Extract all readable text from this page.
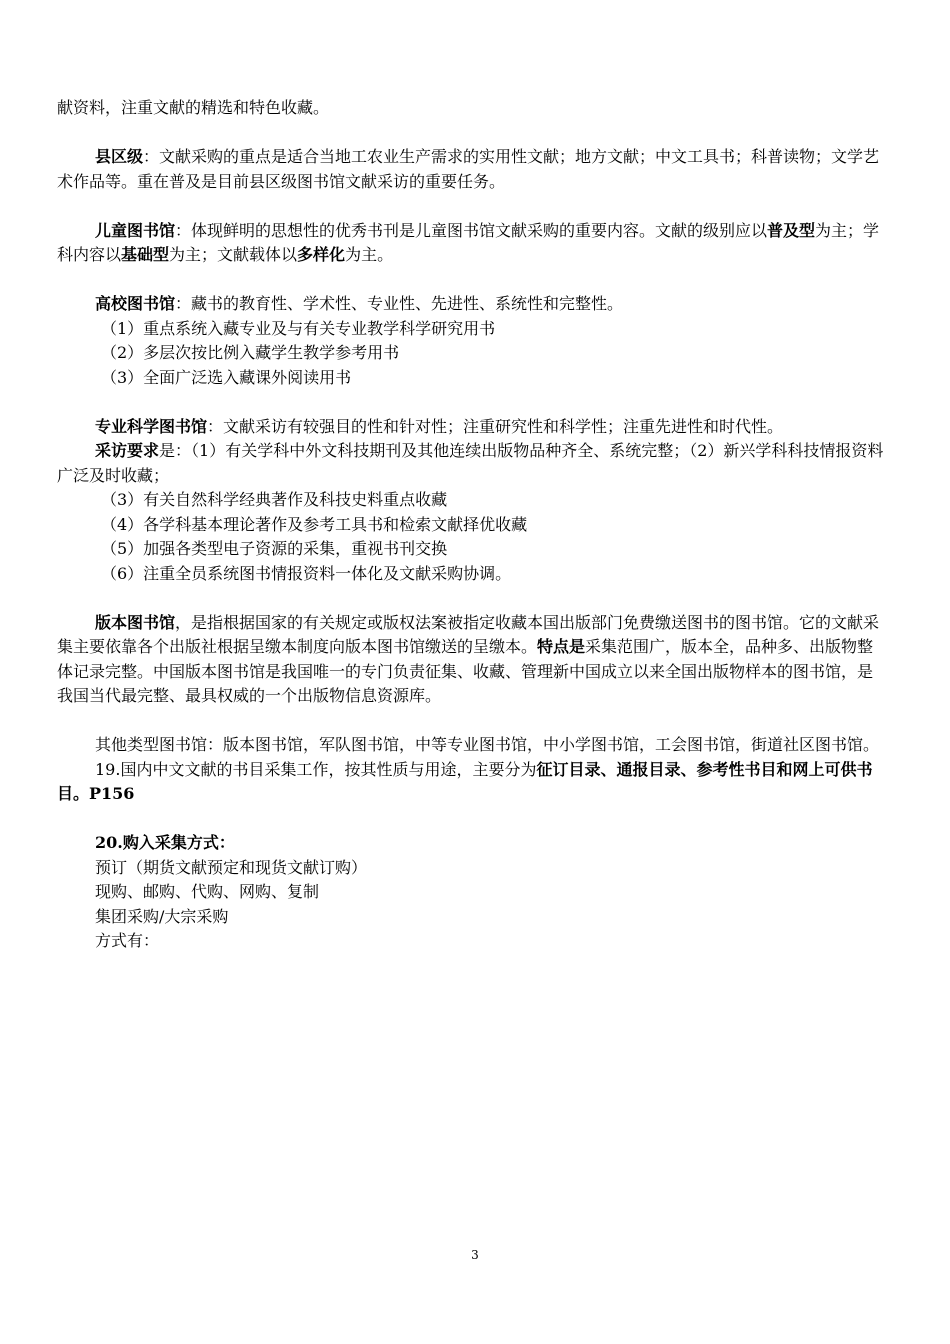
献资料，注重文献的精选和特色收藏。

县区级：文献采购的重点是适合当地工农业生产需求的实用性文献；地方文献；中文工具书；科普读物；文学艺术作品等。重在普及是目前县区级图书馆文献采访的重要任务。

儿童图书馆：体现鲜明的思想性的优秀书刊是儿童图书馆文献采购的重要内容。文献的级别应以普及型为主；学科内容以基础型为主；文献载体以多样化为主。

高校图书馆：藏书的教育性、学术性、专业性、先进性、系统性和完整性。

（1）重点系统入藏专业及与有关专业教学科学研究用书

（2）多层次按比例入藏学生教学参考用书

（3）全面广泛选入藏课外阅读用书

专业科学图书馆：文献采访有较强目的性和针对性；注重研究性和科学性；注重先进性和时代性。

采访要求是：（1）有关学科中外文科技期刊及其他连续出版物品种齐全、系统完整；（2）新兴学科科技情报资料广泛及时收藏；

（3）有关自然科学经典著作及科技史料重点收藏

（4）各学科基本理论著作及参考工具书和检索文献择优收藏

（5）加强各类型电子资源的采集，重视书刊交换

（6）注重全员系统图书情报资料一体化及文献采购协调。

版本图书馆，是指根据国家的有关规定或版权法案被指定收藏本国出版部门免费缴送图书的图书馆。它的文献采集主要依靠各个出版社根据呈缴本制度向版本图书馆缴送的呈缴本。特点是采集范围广，版本全，品种多、出版物整体记录完整。中国版本图书馆是我国唯一的专门负责征集、收藏、管理新中国成立以来全国出版物样本的图书馆，是我国当代最完整、最具权威的一个出版物信息资源库。

其他类型图书馆：版本图书馆，军队图书馆，中等专业图书馆，中小学图书馆，工会图书馆，街道社区图书馆。

19.国内中文文献的书目采集工作，按其性质与用途，主要分为征订目录、通报目录、参考性书目和网上可供书目。P156

20.购入采集方式：

预订（期货文献预定和现货文献订购）

现购、邮购、代购、网购、复制

集团采购/大宗采购

方式有：

3
